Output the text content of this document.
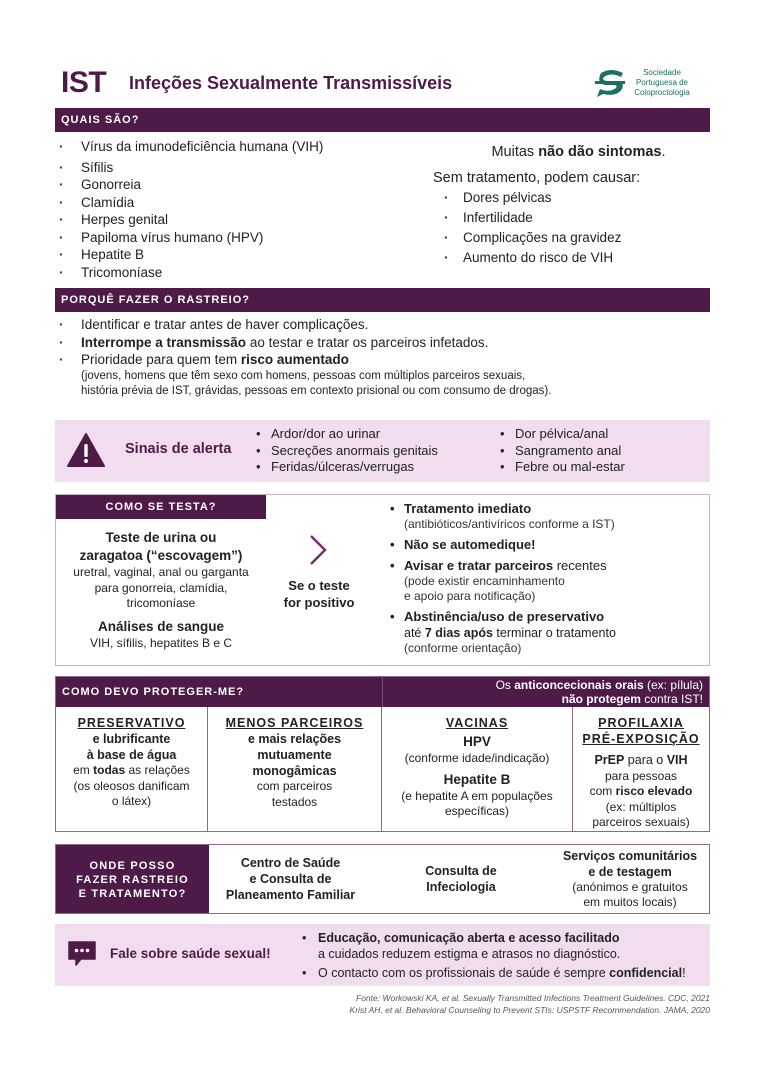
IST Infeções Sexualmente Transmissíveis
Sociedade
Portuguesa de
Coloproctologia
QUAIS SÃO?
· Vírus da imunodeficiência humana (VIH)
· Sífilis
· Gonorreia
· Clamídia
· Herpes genital
· Papiloma vírus humano (HPV)
· Hepatite B
· Tricomoníase
Muitas não dão sintomas.
Sem tratamento, podem causar:
· Dores pélvicas
· Infertilidade
· Complicações na gravidez
· Aumento do risco de VIH
PORQUÊ FAZER O RASTREIO?
· Identificar e tratar antes de haver complicações.
· Interrompe a transmissão ao testar e tratar os parceiros infetados.
· Prioridade para quem tem risco aumentado
(jovens, homens que têm sexo com homens, pessoas com múltiplos parceiros sexuais,
história prévia de IST, grávidas, pessoas em contexto prisional ou com consumo de drogas).
Sinais de alerta
• Ardor/dor ao urinar
• Secreções anormais genitais
• Feridas/úlceras/verrugas
• Dor pélvica/anal
• Sangramento anal
• Febre ou mal-estar
COMO SE TESTA?
Teste de urina ou
zaragatoa (“escovagem”)
uretral, vaginal, anal ou garganta
para gonorreia, clamídia,
tricomoníase
Análises de sangue
VIH, sífilis, hepatites B e C
Se o teste
for positivo
• Tratamento imediato
(antibióticos/antivíricos conforme a IST)
• Não se automedique!
• Avisar e tratar parceiros recentes
(pode existir encaminhamento
e apoio para notificação)
• Abstinência/uso de preservativo
até 7 dias após terminar o tratamento
(conforme orientação)
COMO DEVO PROTEGER-ME?	Os anticoncecionais orais (ex: pílula)
não protegem contra IST!
PRESERVATIVO
e lubrificante
à base de água
em todas as relações
(os oleosos danificam
o látex)
MENOS PARCEIROS
e mais relações
mutuamente
monogâmicas
com parceiros
testados
VACINAS
HPV
(conforme idade/indicação)
Hepatite B
(e hepatite A em populações
específicas)
PROFILAXIA
PRÉ-EXPOSIÇÃO
PrEP para o VIH
para pessoas
com risco elevado
(ex: múltiplos
parceiros sexuais)
ONDE POSSO
FAZER RASTREIO
E TRATAMENTO?
Centro de Saúde
e Consulta de
Planeamento Familiar
Consulta de
Infeciologia
Serviços comunitários
e de testagem
(anónimos e gratuitos
em muitos locais)
Fale sobre saúde sexual!
• Educação, comunicação aberta e acesso facilitado
a cuidados reduzem estigma e atrasos no diagnóstico.
• O contacto com os profissionais de saúde é sempre confidencial!
Fonte: Workowski KA, et al. Sexually Transmitted Infections Treatment Guidelines. CDC, 2021
Krist AH, et al. Behavioral Counseling to Prevent STIs: USPSTF Recommendation. JAMA, 2020
